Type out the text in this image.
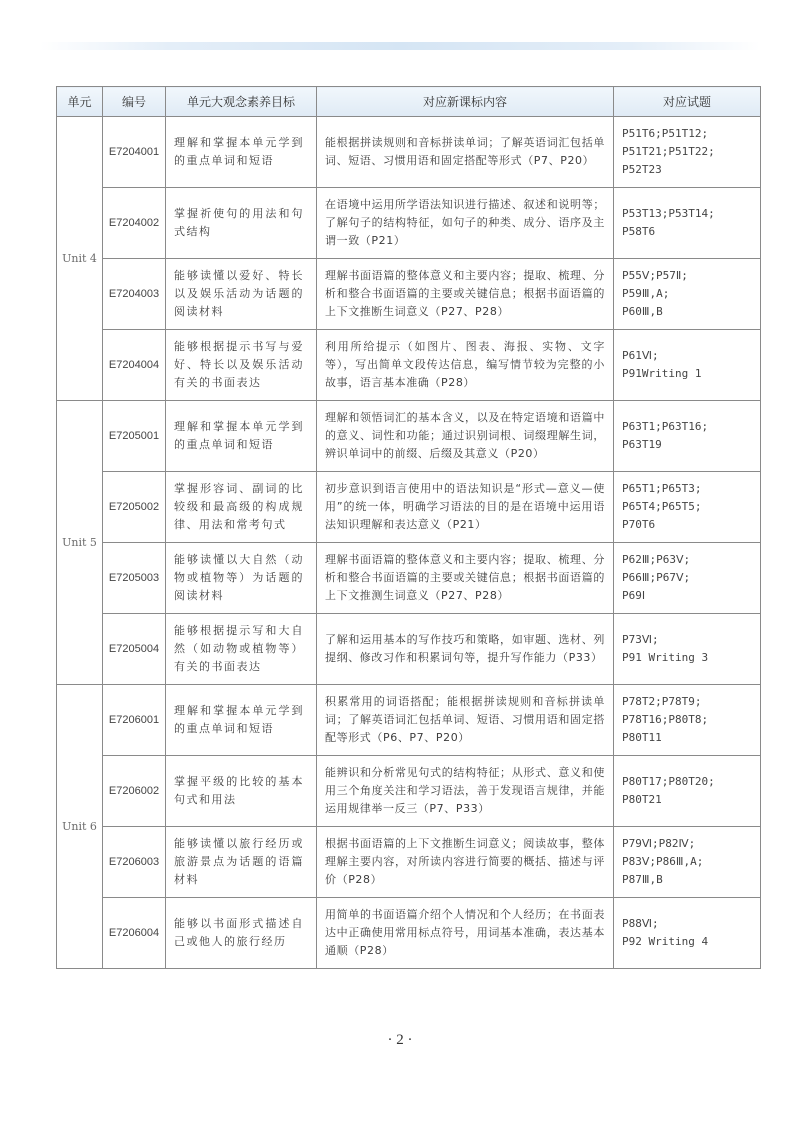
单元	编号	单元大观念素养目标	对应新课标内容	对应试题
Unit 4	E7204001	理解和掌握本单元学到的重点单词和短语	能根据拼读规则和音标拼读单词；了解英语词汇包括单词、短语、习惯用语和固定搭配等形式（P7、P20）	P51T6;P51T12;
P51T21;P51T22;
P52T23

	E7204002	掌握祈使句的用法和句式结构	在语境中运用所学语法知识进行描述、叙述和说明等；了解句子的结构特征，如句子的种类、成分、语序及主谓一致（P21）	P53T13;P53T14;
P58T6

	E7204003	能够读懂以爱好、特长以及娱乐活动为话题的阅读材料	理解书面语篇的整体意义和主要内容；提取、梳理、分析和整合书面语篇的主要或关键信息；根据书面语篇的上下文推断生词意义（P27、P28）	P55Ⅴ;P57Ⅱ;
P59Ⅲ,A;
P60Ⅲ,B

	E7204004	能够根据提示书写与爱好、特长以及娱乐活动有关的书面表达	利用所给提示（如图片、图表、海报、实物、文字等），写出简单文段传达信息，编写情节较为完整的小故事，语言基本准确（P28）	P61Ⅵ;
P91Writing 1

Unit 5	E7205001	理解和掌握本单元学到的重点单词和短语	理解和领悟词汇的基本含义，以及在特定语境和语篇中的意义、词性和功能；通过识别词根、词缀理解生词，辨识单词中的前缀、后缀及其意义（P20）	P63T1;P63T16;
P63T19

	E7205002	掌握形容词、副词的比较级和最高级的构成规律、用法和常考句式	初步意识到语言使用中的语法知识是“形式—意义—使用”的统一体，明确学习语法的目的是在语境中运用语法知识理解和表达意义（P21）	P65T1;P65T3;
P65T4;P65T5;
P70T6

	E7205003	能够读懂以大自然（动物或植物等）为话题的阅读材料	理解书面语篇的整体意义和主要内容；提取、梳理、分析和整合书面语篇的主要或关键信息；根据书面语篇的上下文推测生词意义（P27、P28）	P62Ⅲ;P63Ⅴ;
P66Ⅲ;P67Ⅴ;
P69Ⅰ

	E7205004	能够根据提示写和大自然（如动物或植物等）有关的书面表达	了解和运用基本的写作技巧和策略，如审题、选材、列提纲、修改习作和积累词句等，提升写作能力（P33）	P73Ⅵ;
P91 Writing 3

Unit 6	E7206001	理解和掌握本单元学到的重点单词和短语	积累常用的词语搭配；能根据拼读规则和音标拼读单词；了解英语词汇包括单词、短语、习惯用语和固定搭配等形式（P6、P7、P20）	P78T2;P78T9;
P78T16;P80T8;
P80T11

	E7206002	掌握平级的比较的基本句式和用法	能辨识和分析常见句式的结构特征；从形式、意义和使用三个角度关注和学习语法，善于发现语言规律，并能运用规律举一反三（P7、P33）	P80T17;P80T20;
P80T21

	E7206003	能够读懂以旅行经历或旅游景点为话题的语篇材料	根据书面语篇的上下文推断生词意义；阅读故事，整体理解主要内容，对所读内容进行简要的概括、描述与评价（P28）	P79Ⅵ;P82Ⅳ;
P83Ⅴ;P86Ⅲ,A;
P87Ⅲ,B

	E7206004	能够以书面形式描述自己或他人的旅行经历	用简单的书面语篇介绍个人情况和个人经历；在书面表达中正确使用常用标点符号，用词基本准确，表达基本通顺（P28）	P88Ⅵ;
P92 Writing 4
· 2 ·
